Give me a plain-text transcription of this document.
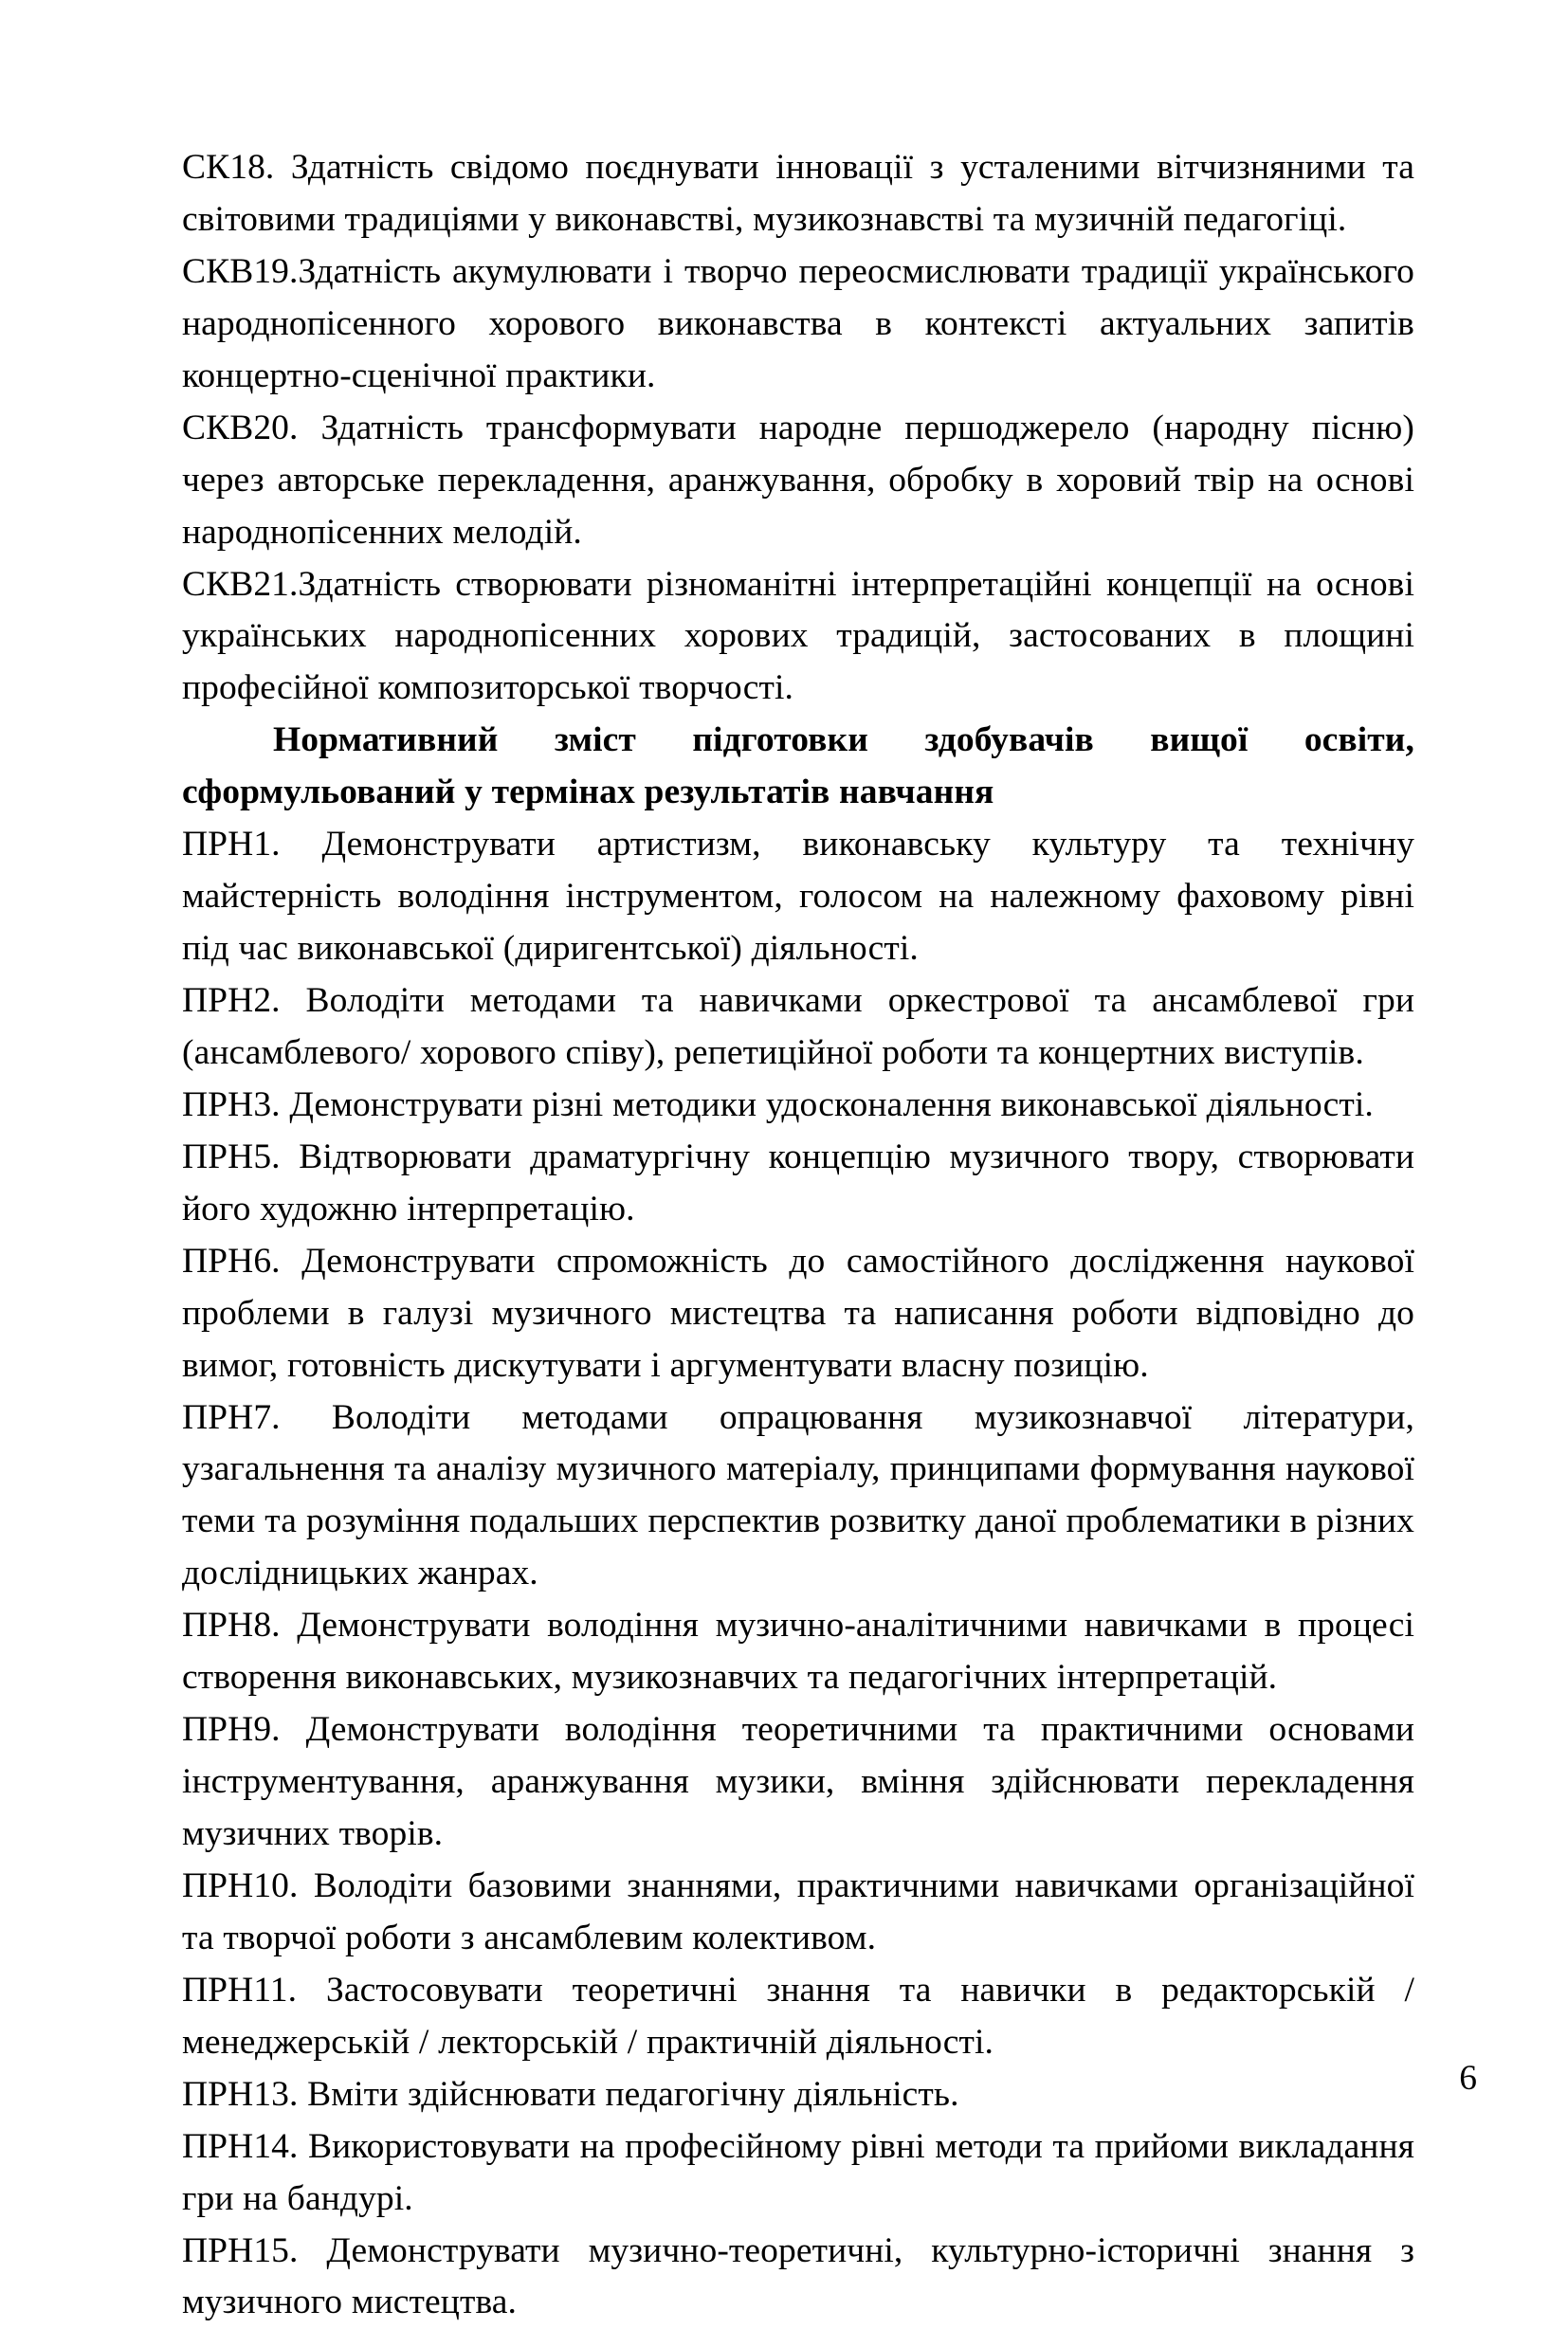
СК18. Здатність свідомо поєднувати інновації з усталеними вітчизняними та світовими традиціями у виконавстві, музикознавстві та музичній педагогіці.

СКВ19.Здатність акумулювати і творчо переосмислювати традиції українського народнопісенного хорового виконавства в контексті актуальних запитів концертно-сценічної практики.

СКВ20. Здатність трансформувати народне першоджерело (народну пісню) через авторське перекладення, аранжування, обробку в хоровий твір на основі народнопісенних мелодій.

СКВ21.Здатність створювати різноманітні інтерпретаційні концепції на основі українських народнопісенних хорових традицій, застосованих в площині професійної композиторської творчості.

Нормативний зміст підготовки здобувачів вищої освіти, сформульований у термінах результатів навчання

ПРН1. Демонструвати артистизм, виконавську культуру та технічну майстерність володіння інструментом, голосом на належному фаховому рівні під час виконавської (диригентської) діяльності.

ПРН2. Володіти методами та навичками оркестрової та ансамблевої гри (ансамблевого/ хорового співу), репетиційної роботи та концертних виступів.

ПРН3. Демонструвати різні методики удосконалення виконавської діяльності.

ПРН5. Відтворювати драматургічну концепцію музичного твору, створювати його художню інтерпретацію.

ПРН6. Демонструвати спроможність до самостійного дослідження наукової проблеми в галузі музичного мистецтва та написання роботи відповідно до вимог, готовність дискутувати і аргументувати власну позицію.

ПРН7. Володіти методами опрацювання музикознавчої літератури, узагальнення та аналізу музичного матеріалу, принципами формування наукової теми та розуміння подальших перспектив розвитку даної проблематики в різних дослідницьких жанрах.

ПРН8. Демонструвати володіння музично-аналітичними навичками в процесі створення виконавських, музикознавчих та педагогічних інтерпретацій.

ПРН9. Демонструвати володіння теоретичними та практичними основами інструментування, аранжування музики, вміння здійснювати перекладення музичних творів.

ПРН10. Володіти базовими знаннями, практичними навичками організаційної та творчої роботи з ансамблевим колективом.

ПРН11. Застосовувати теоретичні знання та навички в редакторській / менеджерській / лекторській / практичній діяльності.

ПРН13. Вміти здійснювати педагогічну діяльність.

ПРН14. Використовувати на професійному рівні методи та прийоми викладання гри на бандурі.

ПРН15. Демонструвати музично-теоретичні, культурно-історичні знання з музичного мистецтва.

6
